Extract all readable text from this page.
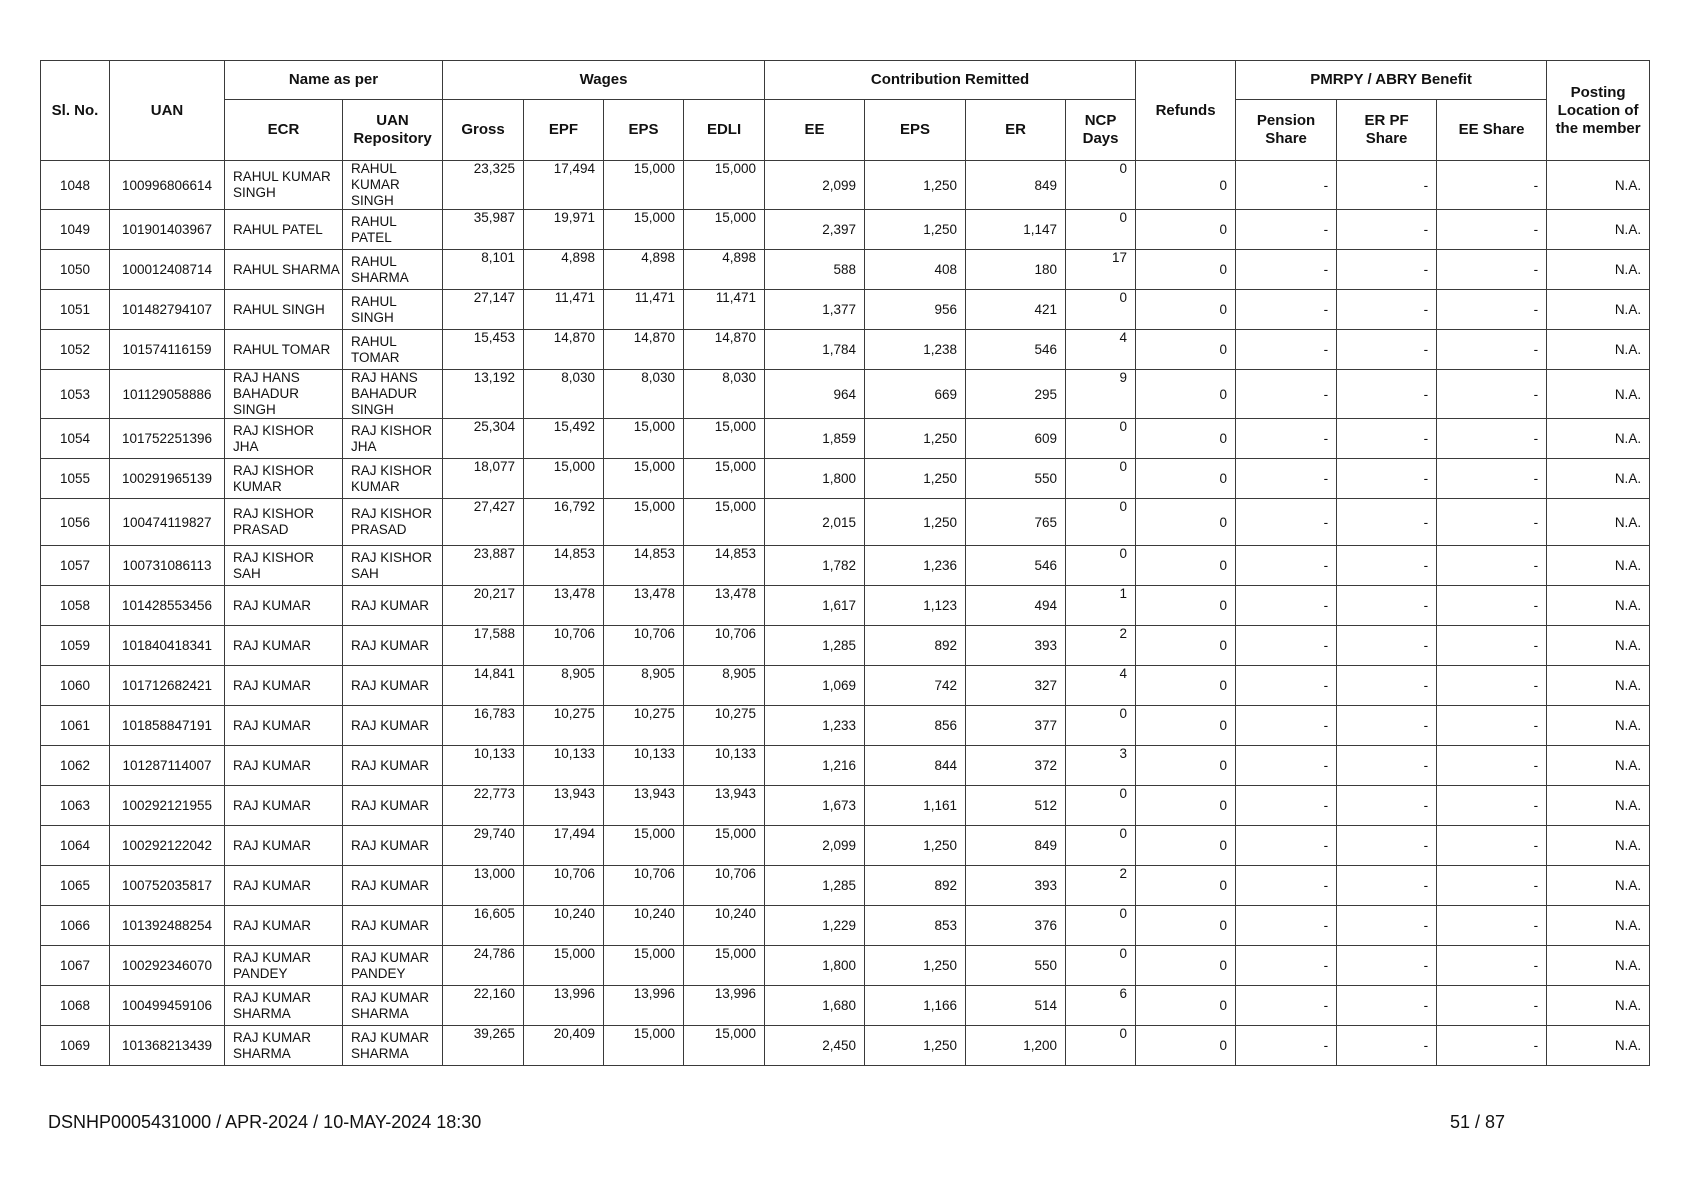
Sl. No.	UAN	Name as per		Wages				Contribution Remitted				Refunds	PMRPY / ABRY Benefit			Posting Location of the member
		ECR	UAN Repository	Gross	EPF	EPS	EDLI	EE	EPS	ER	NCP Days		Pension Share	ER PF Share	EE Share	
1048	100996806614	RAHUL KUMAR SINGH	RAHUL KUMAR SINGH	23,325	17,494	15,000	15,000	2,099	1,250	849	0	0	-	-	-	N.A.
1049	101901403967	RAHUL PATEL	RAHUL PATEL	35,987	19,971	15,000	15,000	2,397	1,250	1,147	0	0	-	-	-	N.A.
1050	100012408714	RAHUL SHARMA	RAHUL SHARMA	8,101	4,898	4,898	4,898	588	408	180	17	0	-	-	-	N.A.
1051	101482794107	RAHUL SINGH	RAHUL SINGH	27,147	11,471	11,471	11,471	1,377	956	421	0	0	-	-	-	N.A.
1052	101574116159	RAHUL TOMAR	RAHUL TOMAR	15,453	14,870	14,870	14,870	1,784	1,238	546	4	0	-	-	-	N.A.
1053	101129058886	RAJ HANS BAHADUR SINGH	RAJ HANS BAHADUR SINGH	13,192	8,030	8,030	8,030	964	669	295	9	0	-	-	-	N.A.
1054	101752251396	RAJ KISHOR JHA	RAJ KISHOR JHA	25,304	15,492	15,000	15,000	1,859	1,250	609	0	0	-	-	-	N.A.
1055	100291965139	RAJ KISHOR KUMAR	RAJ KISHOR KUMAR	18,077	15,000	15,000	15,000	1,800	1,250	550	0	0	-	-	-	N.A.
1056	100474119827	RAJ KISHOR PRASAD	RAJ KISHOR PRASAD	27,427	16,792	15,000	15,000	2,015	1,250	765	0	0	-	-	-	N.A.
1057	100731086113	RAJ KISHOR SAH	RAJ KISHOR SAH	23,887	14,853	14,853	14,853	1,782	1,236	546	0	0	-	-	-	N.A.
1058	101428553456	RAJ KUMAR	RAJ KUMAR	20,217	13,478	13,478	13,478	1,617	1,123	494	1	0	-	-	-	N.A.
1059	101840418341	RAJ KUMAR	RAJ KUMAR	17,588	10,706	10,706	10,706	1,285	892	393	2	0	-	-	-	N.A.
1060	101712682421	RAJ KUMAR	RAJ KUMAR	14,841	8,905	8,905	8,905	1,069	742	327	4	0	-	-	-	N.A.
1061	101858847191	RAJ KUMAR	RAJ KUMAR	16,783	10,275	10,275	10,275	1,233	856	377	0	0	-	-	-	N.A.
1062	101287114007	RAJ KUMAR	RAJ KUMAR	10,133	10,133	10,133	10,133	1,216	844	372	3	0	-	-	-	N.A.
1063	100292121955	RAJ KUMAR	RAJ KUMAR	22,773	13,943	13,943	13,943	1,673	1,161	512	0	0	-	-	-	N.A.
1064	100292122042	RAJ KUMAR	RAJ KUMAR	29,740	17,494	15,000	15,000	2,099	1,250	849	0	0	-	-	-	N.A.
1065	100752035817	RAJ KUMAR	RAJ KUMAR	13,000	10,706	10,706	10,706	1,285	892	393	2	0	-	-	-	N.A.
1066	101392488254	RAJ KUMAR	RAJ KUMAR	16,605	10,240	10,240	10,240	1,229	853	376	0	0	-	-	-	N.A.
1067	100292346070	RAJ KUMAR PANDEY	RAJ KUMAR PANDEY	24,786	15,000	15,000	15,000	1,800	1,250	550	0	0	-	-	-	N.A.
1068	100499459106	RAJ KUMAR SHARMA	RAJ KUMAR SHARMA	22,160	13,996	13,996	13,996	1,680	1,166	514	6	0	-	-	-	N.A.
1069	101368213439	RAJ KUMAR SHARMA	RAJ KUMAR SHARMA	39,265	20,409	15,000	15,000	2,450	1,250	1,200	0	0	-	-	-	N.A.
DSNHP0005431000 / APR-2024 / 10-MAY-2024 18:30	51 / 87
